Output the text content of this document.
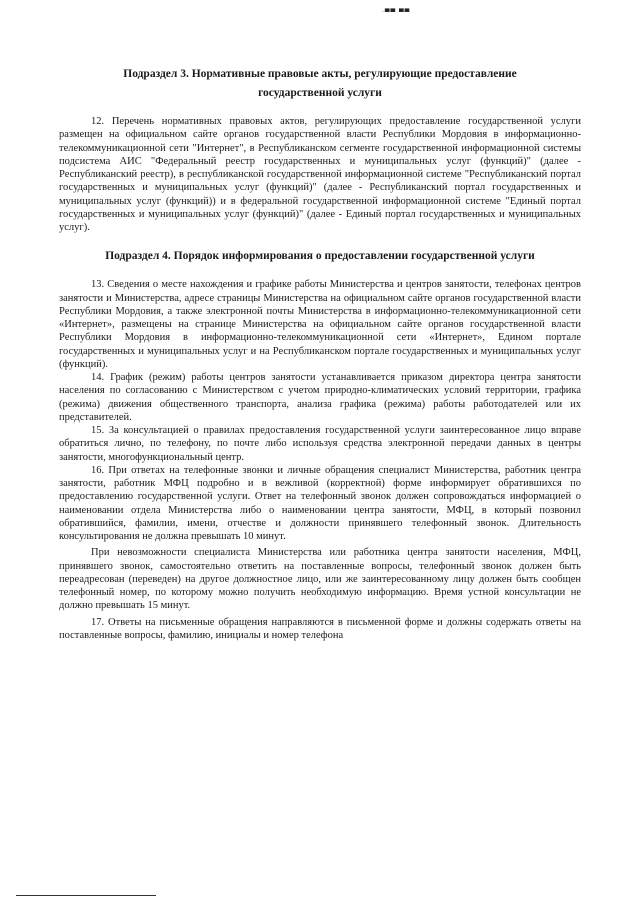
·▀▀ ▀▀
Подраздел 3. Нормативные правовые акты, регулирующие предоставление
государственной услуги

12. Перечень нормативных правовых актов, регулирующих предоставление государственной услуги размещен на официальном сайте органов государственной власти Республики Мордовия в информационно-телекоммуникационной сети "Интернет", в Республиканском сегменте государственной информационной системы подсистема АИС "Федеральный реестр государственных и муниципальных услуг (функций)" (далее - Республиканский реестр), в республиканской государственной информационной системе "Республиканский портал государственных и муниципальных услуг (функций)" (далее - Республиканский портал государственных и муниципальных услуг (функций)) и в федеральной государственной информационной системе "Единый портал государственных и муниципальных услуг (функций)" (далее - Единый портал государственных и муниципальных услуг).

Подраздел 4. Порядок информирования о предоставлении государственной услуги

13. Сведения о месте нахождения и графике работы Министерства и центров занятости, телефонах центров занятости и Министерства, адресе страницы Министерства на официальном сайте органов государственной власти Республики Мордовия, а также электронной почты Министерства в информационно-телекоммуникационной сети «Интернет», размещены на странице Министерства на официальном сайте органов государственной власти Республики Мордовия в информационно-телекоммуникационной сети «Интернет», Едином портале государственных и муниципальных услуг и на Республиканском портале государственных и муниципальных услуг (функций).

14. График (режим) работы центров занятости устанавливается приказом директора центра занятости населения по согласованию с Министерством с учетом природно-климатических условий территории, графика (режима) движения общественного транспорта, анализа графика (режима) работы работодателей или их представителей.

15. За консультацией о правилах предоставления государственной услуги заинтересованное лицо вправе обратиться лично, по телефону, по почте либо используя средства электронной передачи данных в центры занятости, многофункциональный центр.

16. При ответах на телефонные звонки и личные обращения специалист Министерства, работник центра занятости, работник МФЦ подробно и в вежливой (корректной) форме информирует обратившихся по предоставлению государственной услуги. Ответ на телефонный звонок должен сопровождаться информацией о наименовании отдела Министерства либо о наименовании центра занятости, МФЦ, в который позвонил обратившийся, фамилии, имени, отчестве и должности принявшего телефонный звонок. Длительность консультирования не должна превышать 10 минут.

При невозможности специалиста Министерства или работника центра занятости населения, МФЦ, принявшего звонок, самостоятельно ответить на поставленные вопросы, телефонный звонок должен быть переадресован (переведен) на другое должностное лицо, или же заинтересованному лицу должен быть сообщен телефонный номер, по которому можно получить необходимую информацию. Время устной консультации не должно превышать 15 минут.

17. Ответы на письменные обращения направляются в письменной форме и должны содержать ответы на поставленные вопросы, фамилию, инициалы и номер телефона
